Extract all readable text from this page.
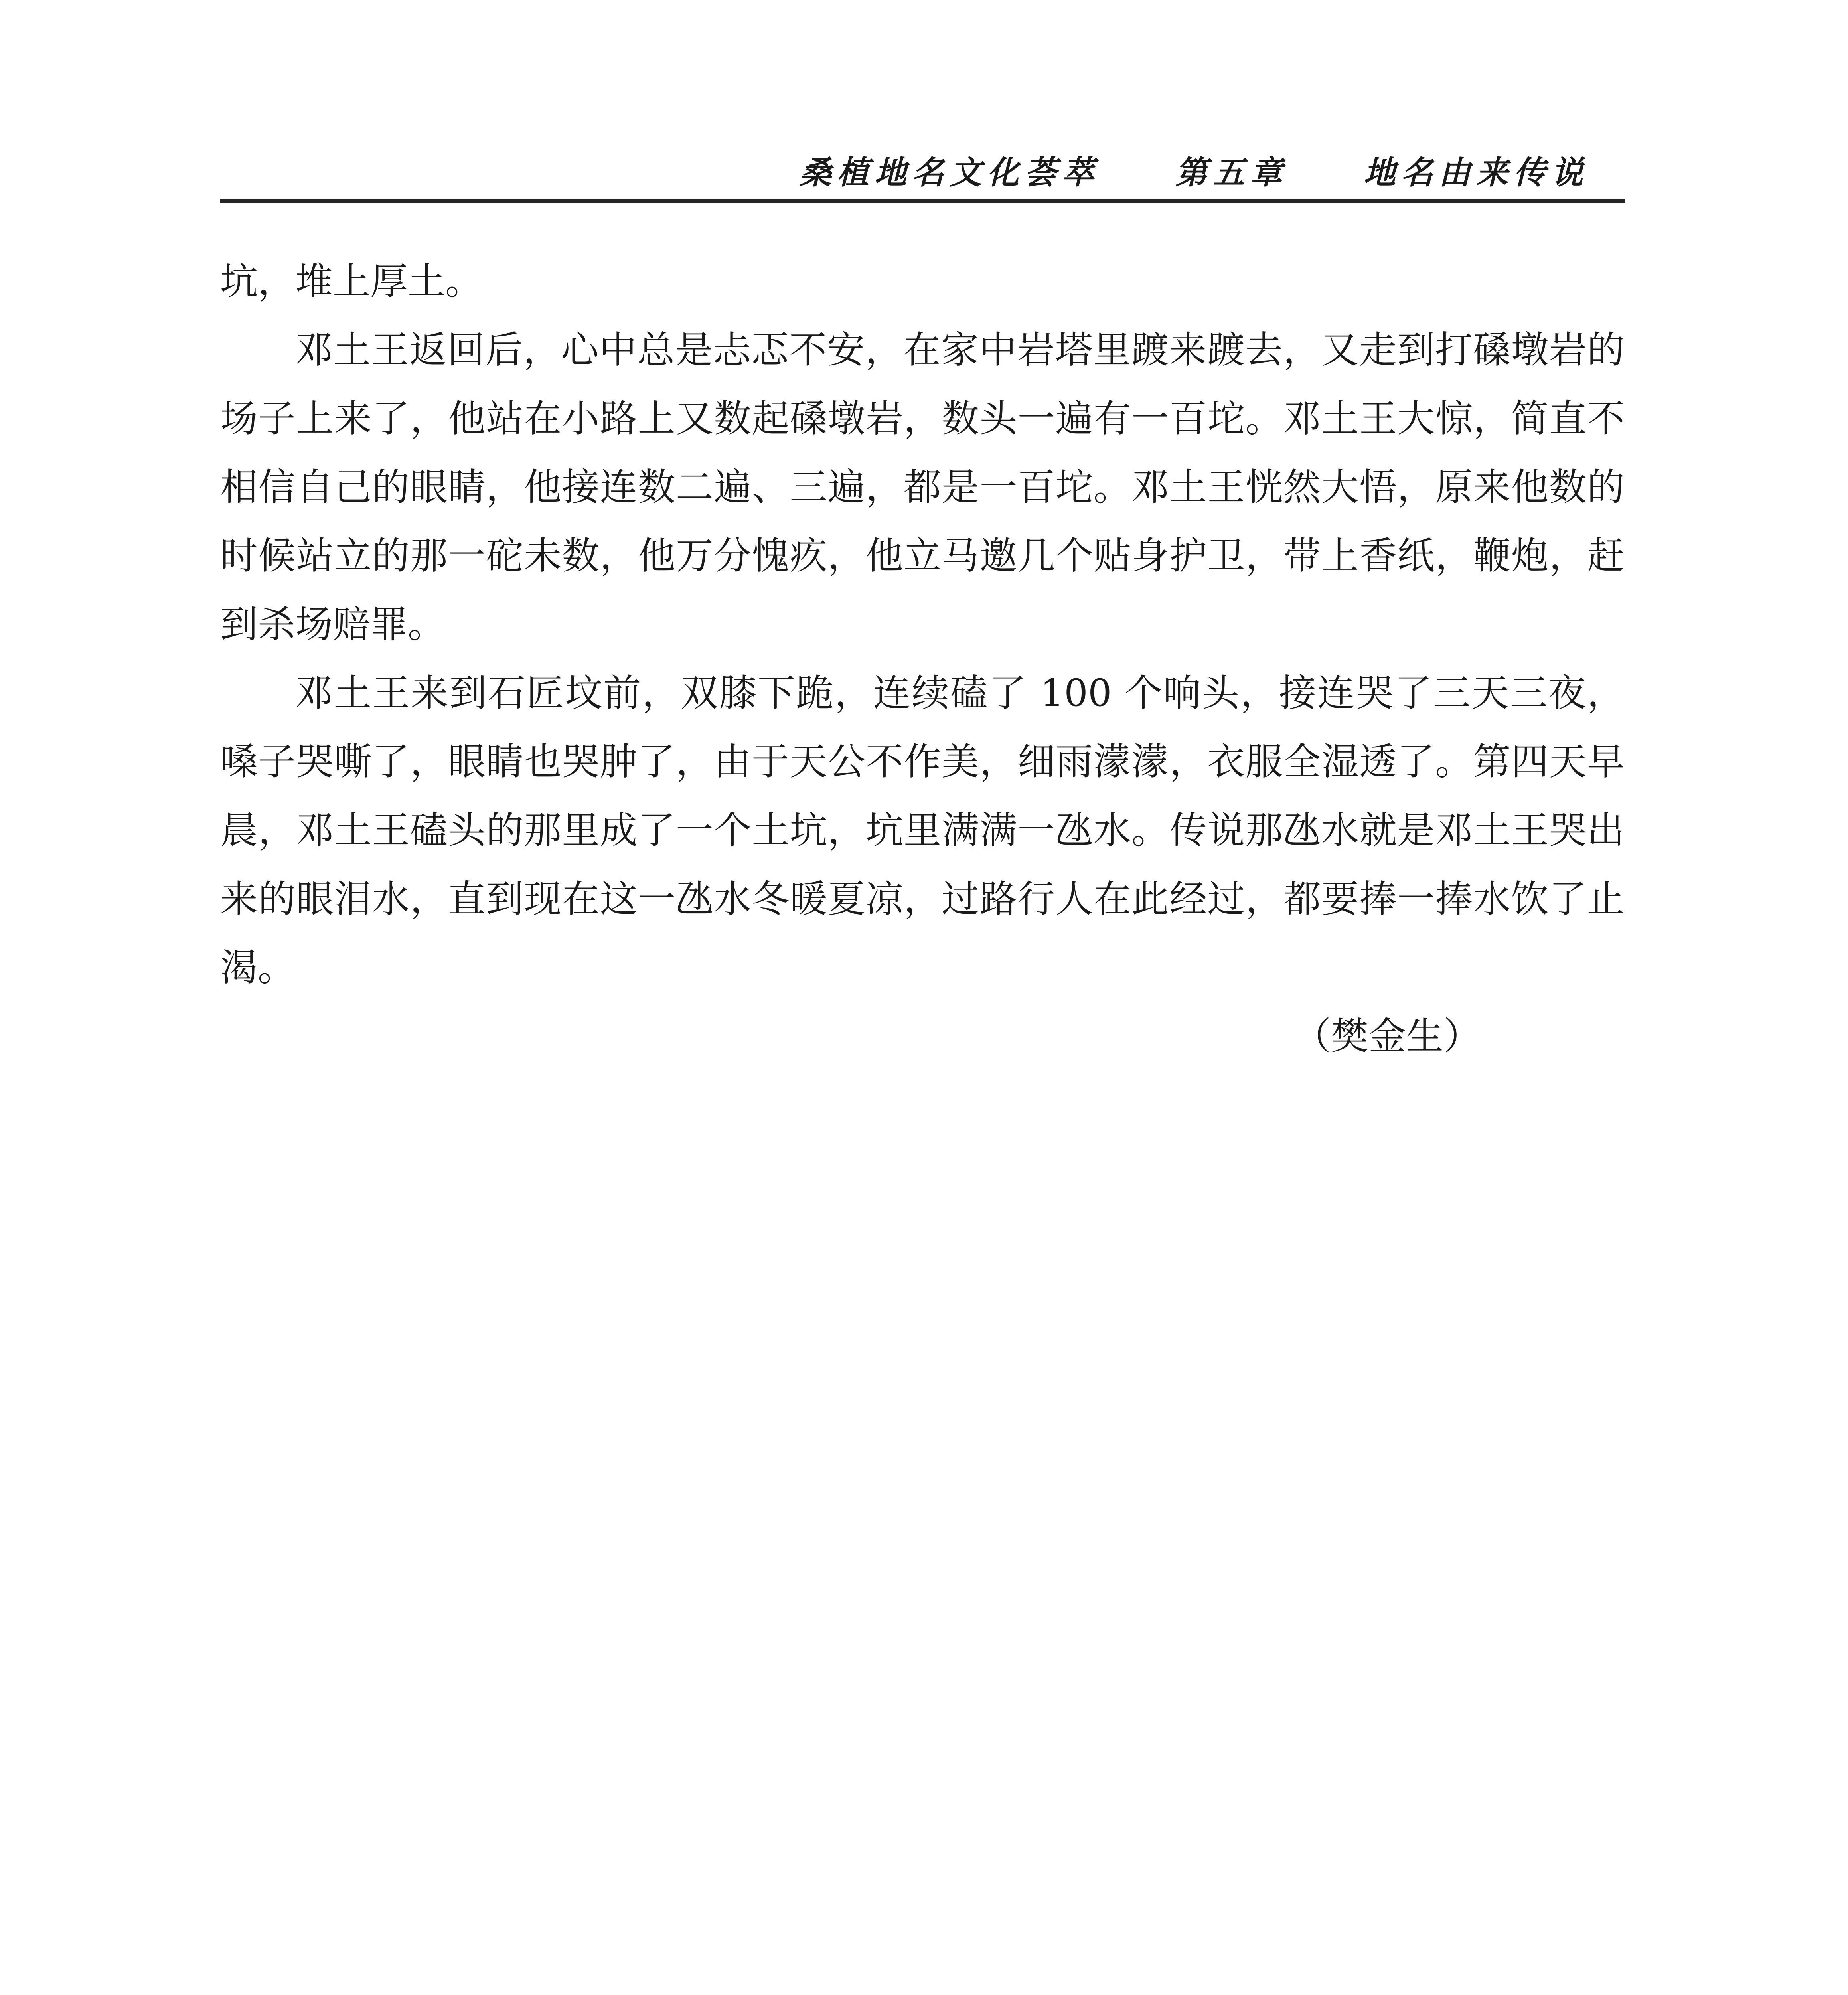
桑植地名文化荟萃 第五章 地名由来传说

坑，堆上厚土。

邓土王返回后，心中总是忐忑不安，在家中岩塔里踱来踱去，又走到打磉墩岩的场子上来了，他站在小路上又数起磉墩岩，数头一遍有一百坨。邓土王大惊，简直不相信自己的眼睛，他接连数二遍、三遍，都是一百坨。邓土王恍然大悟，原来他数的时候站立的那一砣未数，他万分愧疚，他立马邀几个贴身护卫，带上香纸，鞭炮，赶到杀场赔罪。

邓土王来到石匠坟前，双膝下跪，连续磕了 100 个响头，接连哭了三天三夜，嗓子哭嘶了，眼睛也哭肿了，由于天公不作美，细雨濛濛，衣服全湿透了。第四天早晨，邓土王磕头的那里成了一个土坑，坑里满满一氹水。传说那氹水就是邓土王哭出来的眼泪水，直到现在这一氹水冬暖夏凉，过路行人在此经过，都要捧一捧水饮了止渴。

（樊金生）
